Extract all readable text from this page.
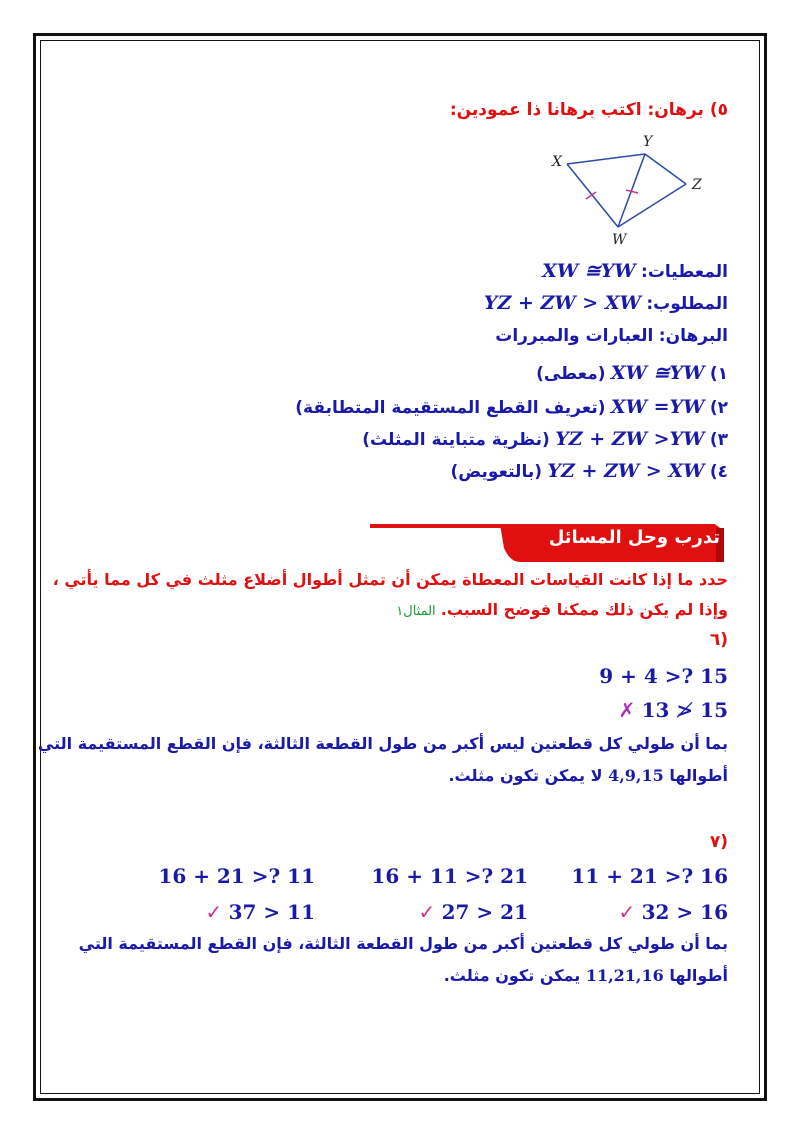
٥) برهان: اكتب برهانا ذا عمودين:
X
Y
Z
W
المعطيات: XW ≅YW
المطلوب: YZ + ZW > XW
البرهان: العبارات والمبررات
١) XW ≅YW (معطى)
٢) XW =YW (تعريف القطع المستقيمة المتطابقة)
٣) YZ + ZW >YW (نظرية متباينة المثلث)
٤) YZ + ZW > XW (بالتعويض)
تدرب وحل المسائل
حدد ما إذا كانت القياسات المعطاة يمكن أن تمثل أطوال أضلاع مثلث في كل مما يأتي ،
وإذا لم يكن ذلك ممكنا فوضح السبب. المثال١
٦)
9 + 4 >? 15
✗ 13 ≯ 15
بما أن طولي كل قطعتين ليس أكبر من طول القطعة الثالثة، فإن القطع المستقيمة التي
أطوالها 4,9,15 لا يمكن تكون مثلث.
٧)
11 + 21 >? 16
16 + 11 >? 21
16 + 21 >? 11
✓ 32 > 16
✓ 27 > 21
✓ 37 > 11
بما أن طولي كل قطعتين أكبر من طول القطعة الثالثة، فإن القطع المستقيمة التي
أطوالها 11,21,16 يمكن تكون مثلث.
